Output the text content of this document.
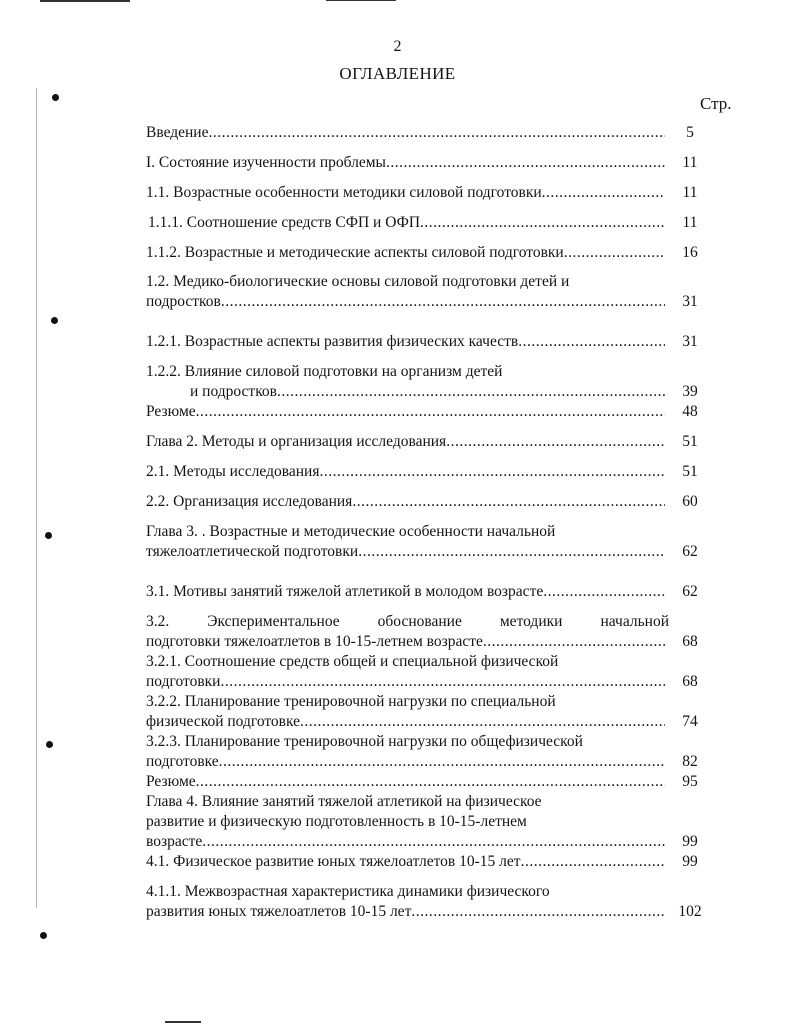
2
ОГЛАВЛЕНИЕ
Стр.
Введение .....	5
I. Состояние изученности проблемы .....	11
1.1. Возрастные особенности методики силовой подготовки .....	11
1.1.1. Соотношение средств СФП и ОФП .....	11
1.1.2. Возрастные и методические аспекты силовой подготовки .....	16
1.2. Медико-биологические основы силовой подготовки детей и
подростков .....	31
1.2.1. Возрастные аспекты развития физических качеств .....	31
1.2.2. Влияние силовой подготовки на организм детей
и подростков .....	39
Резюме .....	48
Глава 2. Методы и организация исследования .....	51
2.1. Методы исследования .....	51
2.2. Организация исследования .....	60
Глава 3. . Возрастные и методические особенности начальной
тяжелоатлетической подготовки .....	62
3.1. Мотивы занятий тяжелой атлетикой в молодом возрасте .....	62
3.2. Экспериментальное обоснование методики начальной
подготовки тяжелоатлетов в 10-15-летнем возрасте .....	68
3.2.1. Соотношение средств общей и специальной физической
подготовки .....	68
3.2.2. Планирование тренировочной нагрузки по специальной
физической подготовке .....	74
3.2.3. Планирование тренировочной нагрузки по общефизической
подготовке .....	82
Резюме .....	95
Глава 4. Влияние занятий тяжелой атлетикой на физическое
развитие и физическую подготовленность в 10-15-летнем
возрасте .....	99
4.1. Физическое развитие юных тяжелоатлетов 10-15 лет .....	99
4.1.1. Межвозрастная характеристика динамики физического
развития юных тяжелоатлетов 10-15 лет .....	102
